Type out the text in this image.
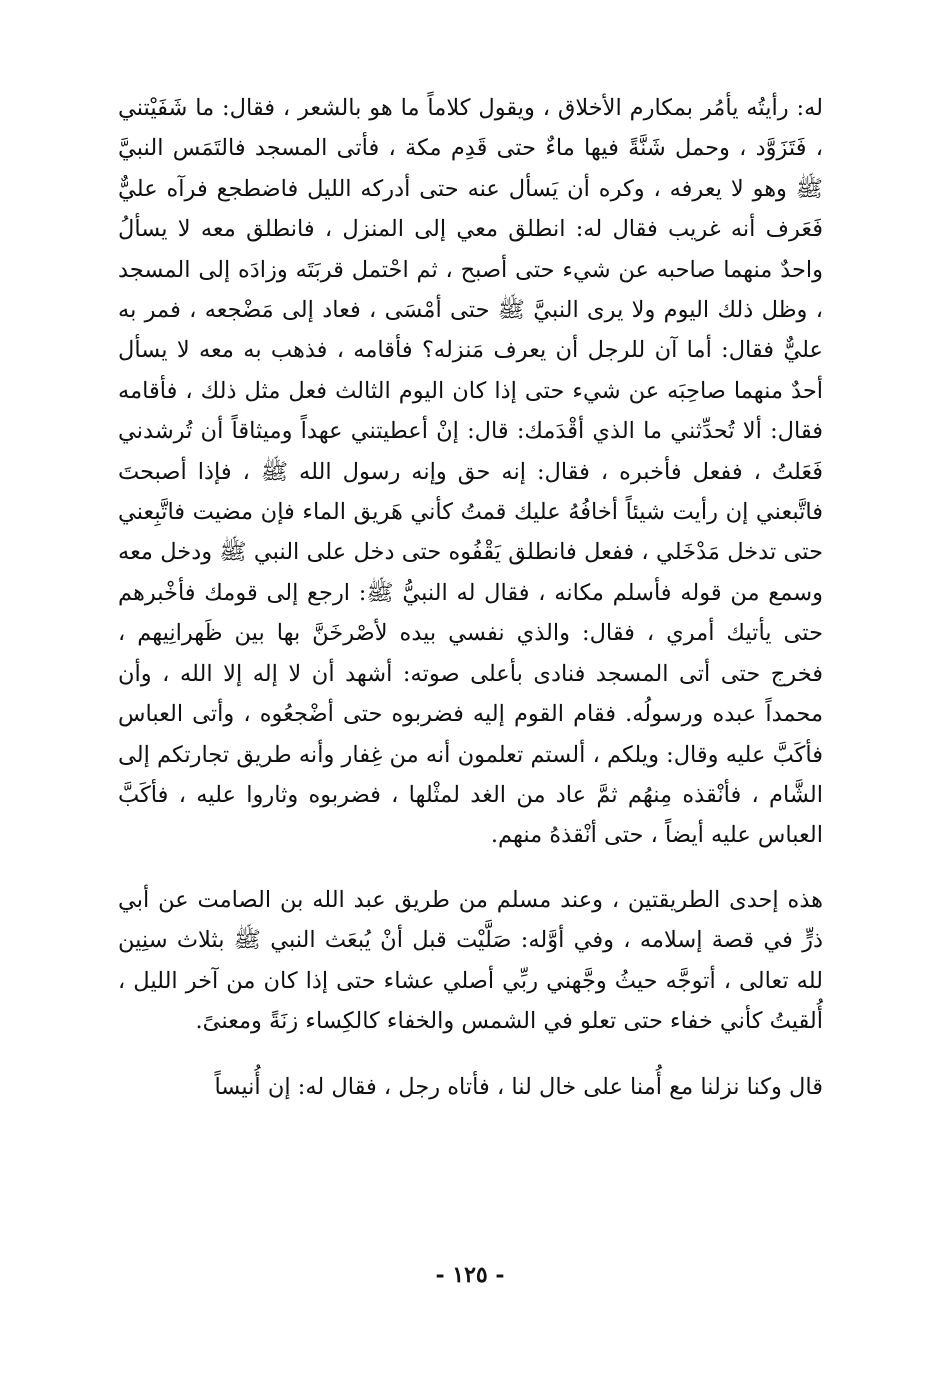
له: رأيتُه يأمُر بمكارم الأخلاق ، ويقول كلاماً ما هو بالشعر ، فقال: ما شَفَيْتني ، فَتَزَوَّد ، وحمل شَنَّةً فيها ماءٌ حتى قَدِم مكة ، فأتى المسجد فالتَمَس النبيَّ ﷺ وهو لا يعرفه ، وكره أن يَسأل عنه حتى أدركه الليل فاضطجع فرآه عليٌّ فَعَرف أنه غريب فقال له: انطلق معي إلى المنزل ، فانطلق معه لا يسألُ واحدٌ منهما صاحبه عن شيء حتى أصبح ، ثم احْتمل قربَتَه وزادَه إلى المسجد ، وظل ذلك اليوم ولا يرى النبيَّ ﷺ حتى أمْسَى ، فعاد إلى مَضْجعه ، فمر به عليٌّ فقال: أما آن للرجل أن يعرف مَنزله؟ فأقامه ، فذهب به معه لا يسأل أحدٌ منهما صاحِبَه عن شيء حتى إذا كان اليوم الثالث فعل مثل ذلك ، فأقامه فقال: ألا تُحدِّثني ما الذي أقْدَمك: قال: إنْ أعطيتني عهداً وميثاقاً أن تُرشدني فَعَلتُ ، ففعل فأخبره ، فقال: إنه حق وإنه رسول الله ﷺ ، فإذا أصبحتَ فاتَّبعني إن رأيت شيئاً أخافُهُ عليك قمتُ كأني هَريق الماء فإن مضيت فاتَّبِعني حتى تدخل مَدْخَلي ، ففعل فانطلق يَقْفُوه حتى دخل على النبي ﷺ ودخل معه وسمع من قوله فأسلم مكانه ، فقال له النبيُّ ﷺ: ارجع إلى قومك فأخْبرهم حتى يأتيك أمري ، فقال: والذي نفسي بيده لأصْرخَنَّ بها بين ظَهرانِيهم ، فخرج حتى أتى المسجد فنادى بأعلى صوته: أشهد أن لا إله إلا الله ، وأن محمداً عبده ورسولُه. فقام القوم إليه فضربوه حتى أضْجعُوه ، وأتى العباس فأكَبَّ عليه وقال: ويلكم ، ألستم تعلمون أنه من غِفار وأنه طريق تجارتكم إلى الشَّام ، فأنْقذه مِنهُم ثمَّ عاد من الغد لمثْلها ، فضربوه وثاروا عليه ، فأكَبَّ العباس عليه أيضاً ، حتى أنْقذهُ منهم.

هذه إحدى الطريقتين ، وعند مسلم من طريق عبد الله بن الصامت عن أبي ذرٍّ في قصة إسلامه ، وفي أوَّله: صَلَّيْت قبل أنْ يُبعَث النبي ﷺ بثلاث سنِين لله تعالى ، أتوجَّه حيثُ وجَّهني ربِّي أصلي عشاء حتى إذا كان من آخر الليل ، أُلقيتُ كأني خفاء حتى تعلو في الشمس والخفاء كالكِساء زنَةً ومعنىً.

قال وكنا نزلنا مع أُمنا على خال لنا ، فأتاه رجل ، فقال له: إن أُنيساً

- ١٢٥ -
